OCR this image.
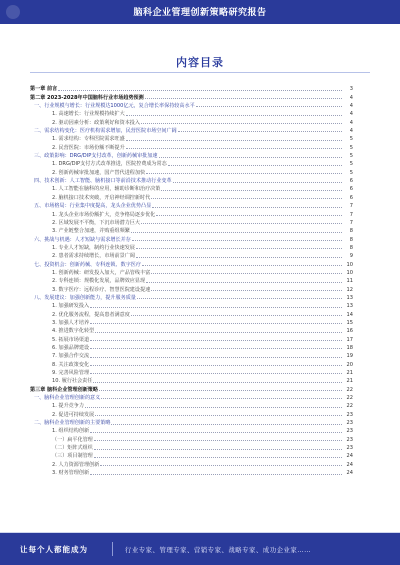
脑科企业管理创新策略研究报告
内容目录
第一章 前言	3
第二章 2023-2028年中国脑科行业市场趋势预测	4
一、行业规模与增长：行业规模达1000亿元，复合增长率保持较高水平	4
1. 高速增长：行业规模持续扩大	4
2. 驱动因素分析：政策利好和资本投入	4
二、需求结构变化：医疗机构需求增加，民营医院市场空间广阔	4
1. 需求结构：专科医院需求旺盛	5
2. 民营医院：市场份额不断提升	5
三、政策影响：DRG/DIP支付改革，创新药械审批加速	5
1. DRG/DIP支付方式改革推进，医院控费成为常态	5
2. 创新药械审批加速，国产替代进程加快	5
四、技术创新：人工智能、脑机接口等前沿技术推动行业变革	6
1. 人工智能在脑科的应用，辅助诊断和治疗决策	6
2. 脑机接口技术突破，开启神经调控新时代	6
五、市场格局：行业集中度提高，龙头企业优势凸显	7
1. 龙头企业市场份额扩大，竞争格局逐步优化	7
2. 区域发展不平衡，下沉市场潜力巨大	7
3. 产业链整合加速，并购重组频繁	8
六、挑战与机遇：人才短缺与需求增长并存	8
1. 专业人才短缺，制约行业快速发展	8
2. 患者需求持续增长，市场前景广阔	9
七、投资机会：创新药械、专科连锁、数字医疗	10
1. 创新药械：研发投入加大，产品管线丰富	10
2. 专科连锁：规模化发展，品牌效应显现	11
3. 数字医疗：远程诊疗、智慧医院建设提速	12
八、发展建议：加强创新能力，提升服务质量	13
1. 加强研发投入	13
2. 优化服务流程，提高患者满意度	14
3. 加强人才培养	15
4. 推进数字化转型	16
5. 拓展市场渠道	17
6. 加强品牌建设	18
7. 加强合作交流	19
8. 关注政策变化	20
9. 完善风险管理	21
10. 履行社会责任	21
第三章 脑科企业管理创新策略	22
一、脑科企业管理创新的意义	22
1. 提升竞争力	22
2. 促进可持续发展	23
二、脑科企业管理创新的主要策略	23
1. 组织结构创新	23
（一）扁平化管理	23
（二）矩阵式组织	23
（三）项目制管理	24
2. 人力资源管理创新	24
3. 财务管理创新	24
让每个人都能成为	行业专家、管理专家、营销专家、战略专家、成功企业家……
